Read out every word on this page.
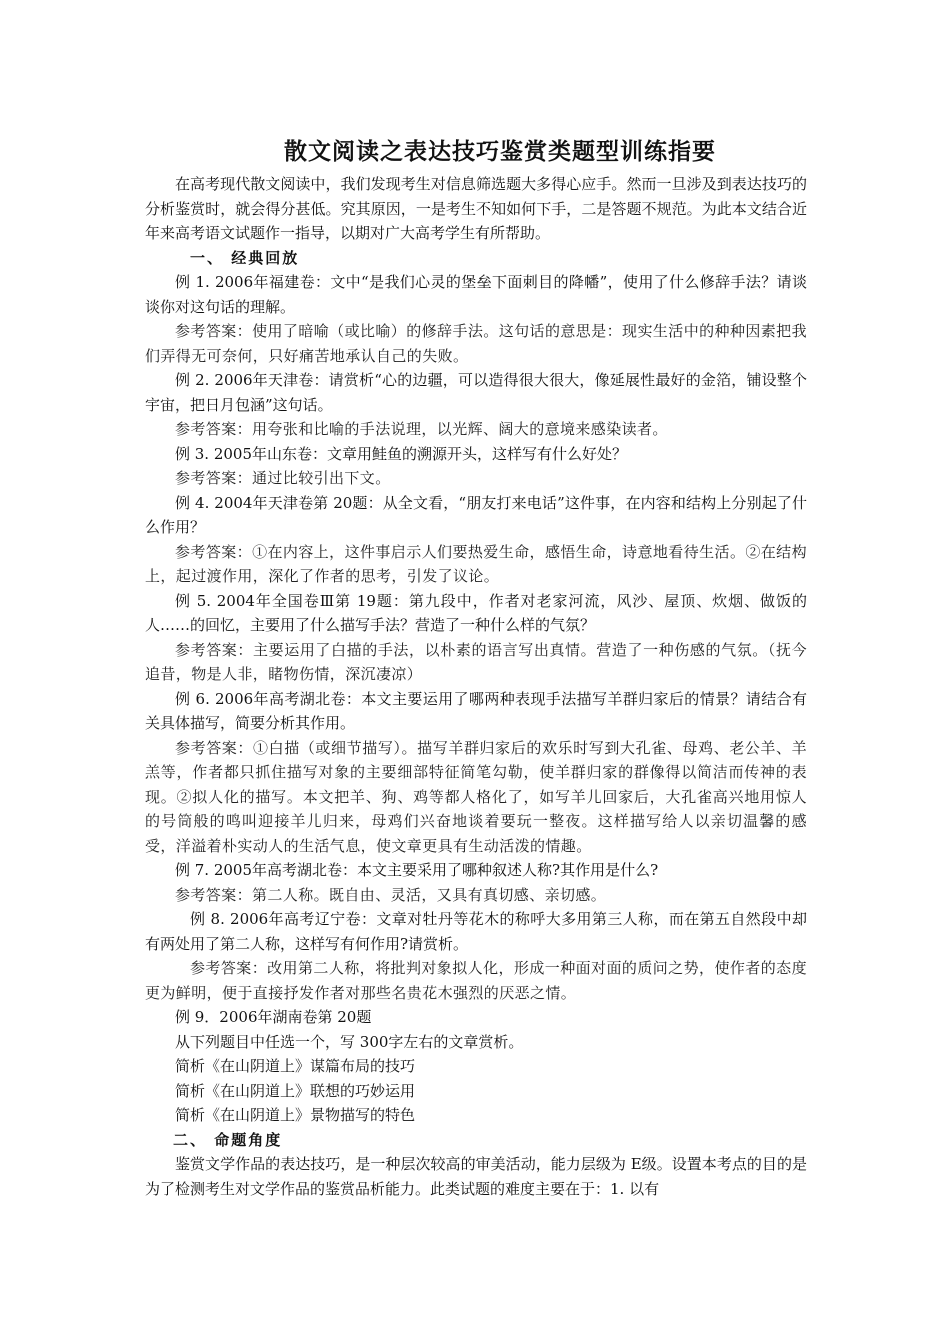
散文阅读之表达技巧鉴赏类题型训练指要

在高考现代散文阅读中，我们发现考生对信息筛选题大多得心应手。然而一旦涉及到表达技巧的分析鉴赏时，就会得分甚低。究其原因，一是考生不知如何下手，二是答题不规范。为此本文结合近年来高考语文试题作一指导，以期对广大高考学生有所帮助。

一、 经典回放

例 1. 2006年福建卷：文中“是我们心灵的堡垒下面刺目的降幡”，使用了什么修辞手法？请谈谈你对这句话的理解。

参考答案：使用了暗喻（或比喻）的修辞手法。这句话的意思是：现实生活中的种种因素把我们弄得无可奈何，只好痛苦地承认自己的失败。

例 2. 2006年天津卷：请赏析“心的边疆，可以造得很大很大，像延展性最好的金箔，铺设整个宇宙，把日月包涵”这句话。

参考答案：用夸张和比喻的手法说理，以光辉、阔大的意境来感染读者。

例 3. 2005年山东卷：文章用鲑鱼的溯源开头，这样写有什么好处？

参考答案：通过比较引出下文。

例 4. 2004年天津卷第 20题：从全文看，“朋友打来电话”这件事，在内容和结构上分别起了什么作用？

参考答案：①在内容上，这件事启示人们要热爱生命，感悟生命，诗意地看待生活。②在结构上，起过渡作用，深化了作者的思考，引发了议论。

例 5. 2004年全国卷Ⅲ第 19题：第九段中，作者对老家河流，风沙、屋顶、炊烟、做饭的人……的回忆，主要用了什么描写手法？营造了一种什么样的气氛？

参考答案：主要运用了白描的手法，以朴素的语言写出真情。营造了一种伤感的气氛。（抚今追昔，物是人非，睹物伤情，深沉凄凉）

例 6. 2006年高考湖北卷：本文主要运用了哪两种表现手法描写羊群归家后的情景？请结合有关具体描写，简要分析其作用。

参考答案：①白描（或细节描写）。描写羊群归家后的欢乐时写到大孔雀、母鸡、老公羊、羊羔等，作者都只抓住描写对象的主要细部特征简笔勾勒，使羊群归家的群像得以简洁而传神的表现。②拟人化的描写。本文把羊、狗、鸡等都人格化了，如写羊儿回家后，大孔雀高兴地用惊人的号筒般的鸣叫迎接羊儿归来，母鸡们兴奋地谈着要玩一整夜。这样描写给人以亲切温馨的感受，洋溢着朴实动人的生活气息，使文章更具有生动活泼的情趣。

例 7. 2005年高考湖北卷：本文主要采用了哪种叙述人称?其作用是什么?

参考答案：第二人称。既自由、灵活，又具有真切感、亲切感。

例 8. 2006年高考辽宁卷：文章对牡丹等花木的称呼大多用第三人称，而在第五自然段中却有两处用了第二人称，这样写有何作用?请赏析。

参考答案：改用第二人称，将批判对象拟人化，形成一种面对面的质问之势，使作者的态度更为鲜明，便于直接抒发作者对那些名贵花木强烈的厌恶之情。

例 9．2006年湖南卷第 20题

从下列题目中任选一个，写 300字左右的文章赏析。

简析《在山阴道上》谋篇布局的技巧

简析《在山阴道上》联想的巧妙运用

简析《在山阴道上》景物描写的特色

二、 命题角度

鉴赏文学作品的表达技巧，是一种层次较高的审美活动，能力层级为 E级。设置本考点的目的是为了检测考生对文学作品的鉴赏品析能力。此类试题的难度主要在于：1. 以有
